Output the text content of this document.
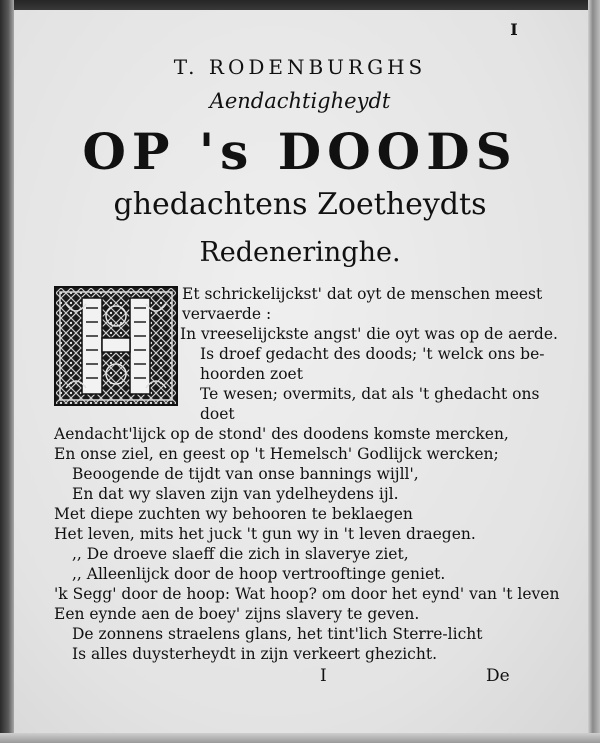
I
T. RODENBURGHS
Aendachtigheydt
OP 's DOODS
ghedachtens Zoetheydts
Redeneringhe.
Et schrickelijckst' dat oyt de menschen meest
vervaerde :
In vreeselijckste angst' die oyt was op de aerde.
Is droef gedacht des doods; 't welck ons be-
hoorden zoet
Te wesen; overmits, dat als 't ghedacht ons
doet
Aendacht'lijck op de stond' des doodens komste mercken,
En onse ziel, en geest op 't Hemelsch' Godlijck wercken;
Beoogende de tijdt van onse bannings wijll',
En dat wy slaven zijn van ydelheydens ijl.
Met diepe zuchten wy behooren te beklaegen
Het leven, mits het juck 't gun wy in 't leven draegen.
,, De droeve slaeff die zich in slaverye ziet,
,, Alleenlijck door de hoop vertrooftinge geniet.
'k Segg' door de hoop: Wat hoop? om door het eynd' van 't leven
Een eynde aen de boey' zijns slavery te geven.
De zonnens straelens glans, het tint'lich Sterre-licht
Is alles duysterheydt in zijn verkeert ghezicht.
I	De
